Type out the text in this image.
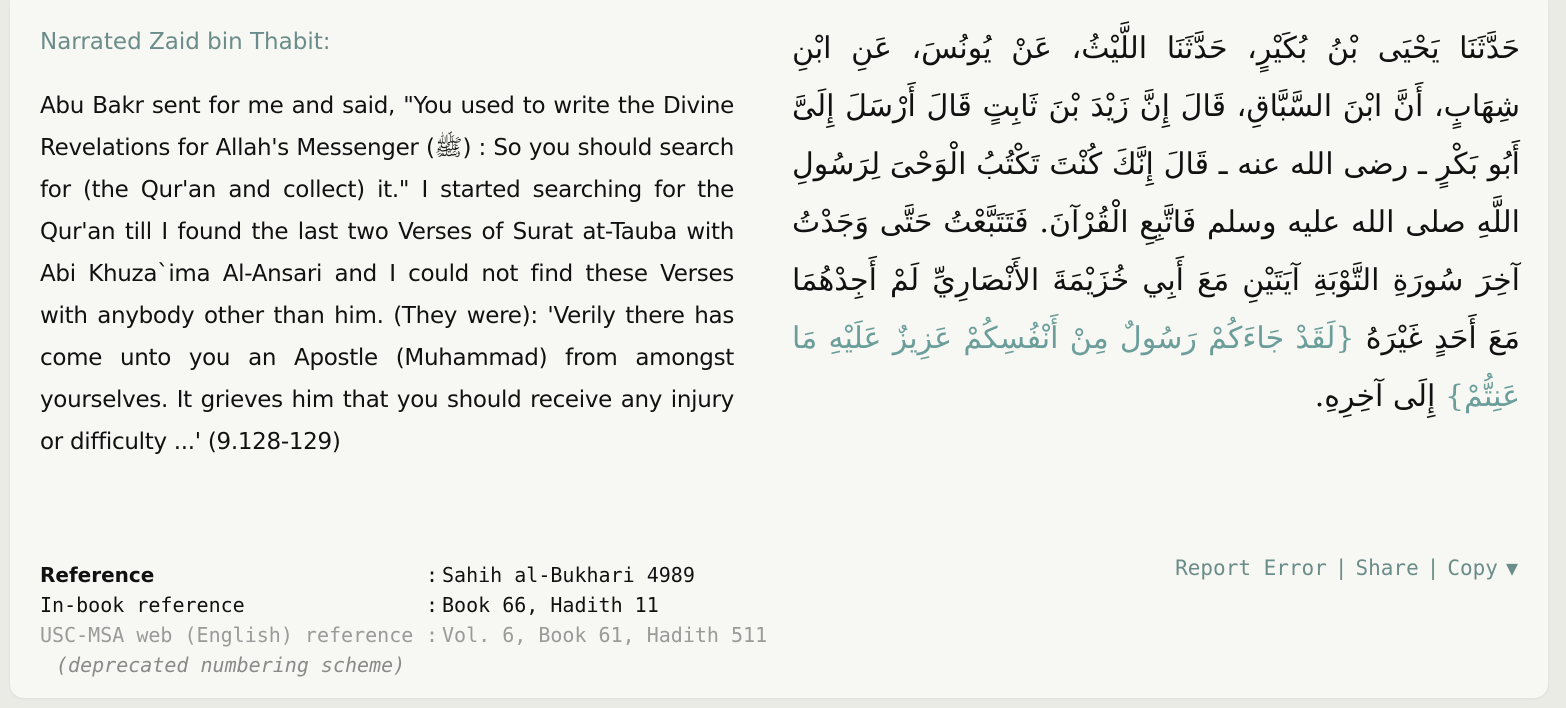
Narrated Zaid bin Thabit:
Abu Bakr sent for me and said, "You used to write the Divine Revelations for Allah's Messenger (ﷺ) : So you should search for (the Qur'an and collect) it." I started searching for the Qur'an till I found the last two Verses of Surat at-Tauba with Abi Khuza`ima Al-Ansari and I could not find these Verses with anybody other than him. (They were): 'Verily there has come unto you an Apostle (Muhammad) from amongst yourselves. It grieves him that you should receive any injury or difficulty ...' (9.128-129)
حَدَّثَنَا يَحْيَى بْنُ بُكَيْرٍ، حَدَّثَنَا اللَّيْثُ، عَنْ يُونُسَ، عَنِ ابْنِ شِهَابٍ، أَنَّ ابْنَ السَّبَّاقِ، قَالَ إِنَّ زَيْدَ بْنَ ثَابِتٍ قَالَ أَرْسَلَ إِلَىَّ أَبُو بَكْرٍ ـ رضى الله عنه ـ قَالَ إِنَّكَ كُنْتَ تَكْتُبُ الْوَحْىَ لِرَسُولِ اللَّهِ صلى الله عليه وسلم فَاتَّبِعِ الْقُرْآنَ. فَتَتَبَّعْتُ حَتَّى وَجَدْتُ آخِرَ سُورَةِ التَّوْبَةِ آيَتَيْنِ مَعَ أَبِي خُزَيْمَةَ الأَنْصَارِيِّ لَمْ أَجِدْهُمَا مَعَ أَحَدٍ غَيْرَهُ {لَقَدْ جَاءَكُمْ رَسُولٌ مِنْ أَنْفُسِكُمْ عَزِيزٌ عَلَيْهِ مَا عَنِتُّمْ} إِلَى آخِرِهِ.
Reference	: Sahih al-Bukhari 4989
In-book reference	: Book 66, Hadith 11
USC-MSA web (English) reference : Vol. 6, Book 61, Hadith 511
(deprecated numbering scheme)
Report Error | Share | Copy ▼
